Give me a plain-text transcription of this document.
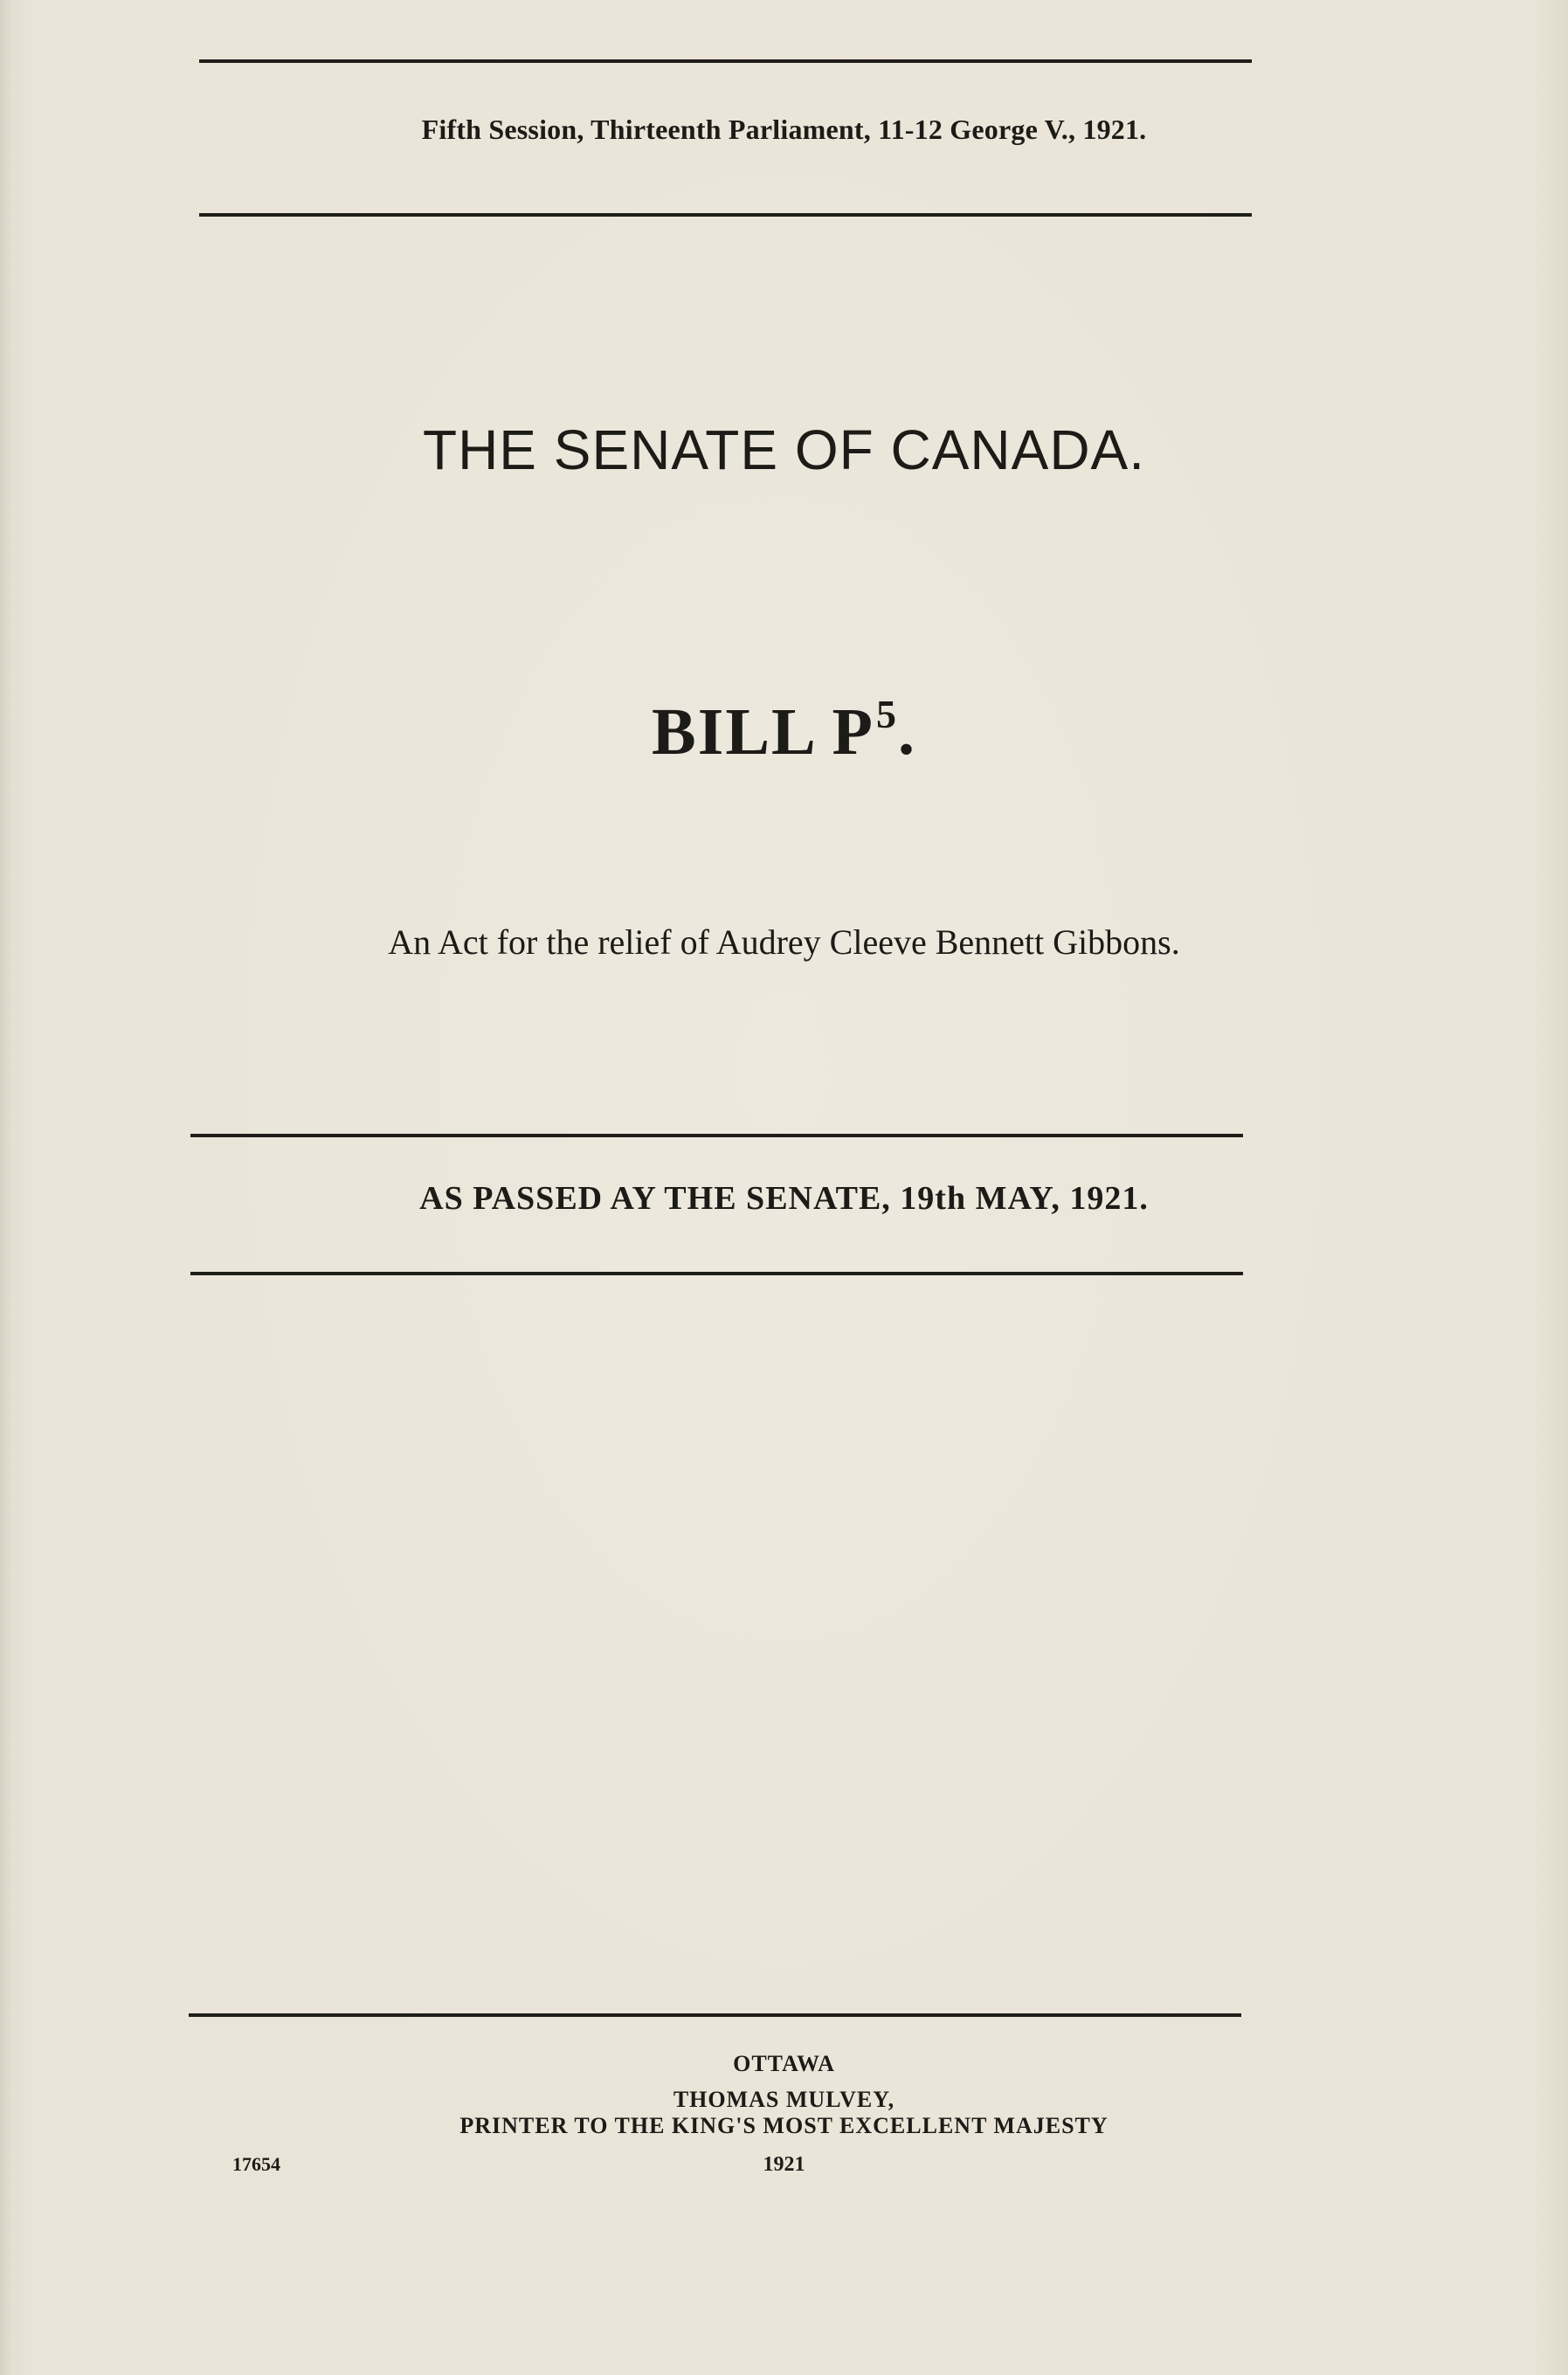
Fifth Session, Thirteenth Parliament, 11-12 George V., 1921.
THE SENATE OF CANADA.
BILL $P^5$.
An Act for the relief of Audrey Cleeve Bennett Gibbons.
AS PASSED AY THE SENATE, 19th MAY, 1921.
OTTAWA
THOMAS MULVEY,
PRINTER TO THE KING'S MOST EXCELLENT MAJESTY
1921
17654
